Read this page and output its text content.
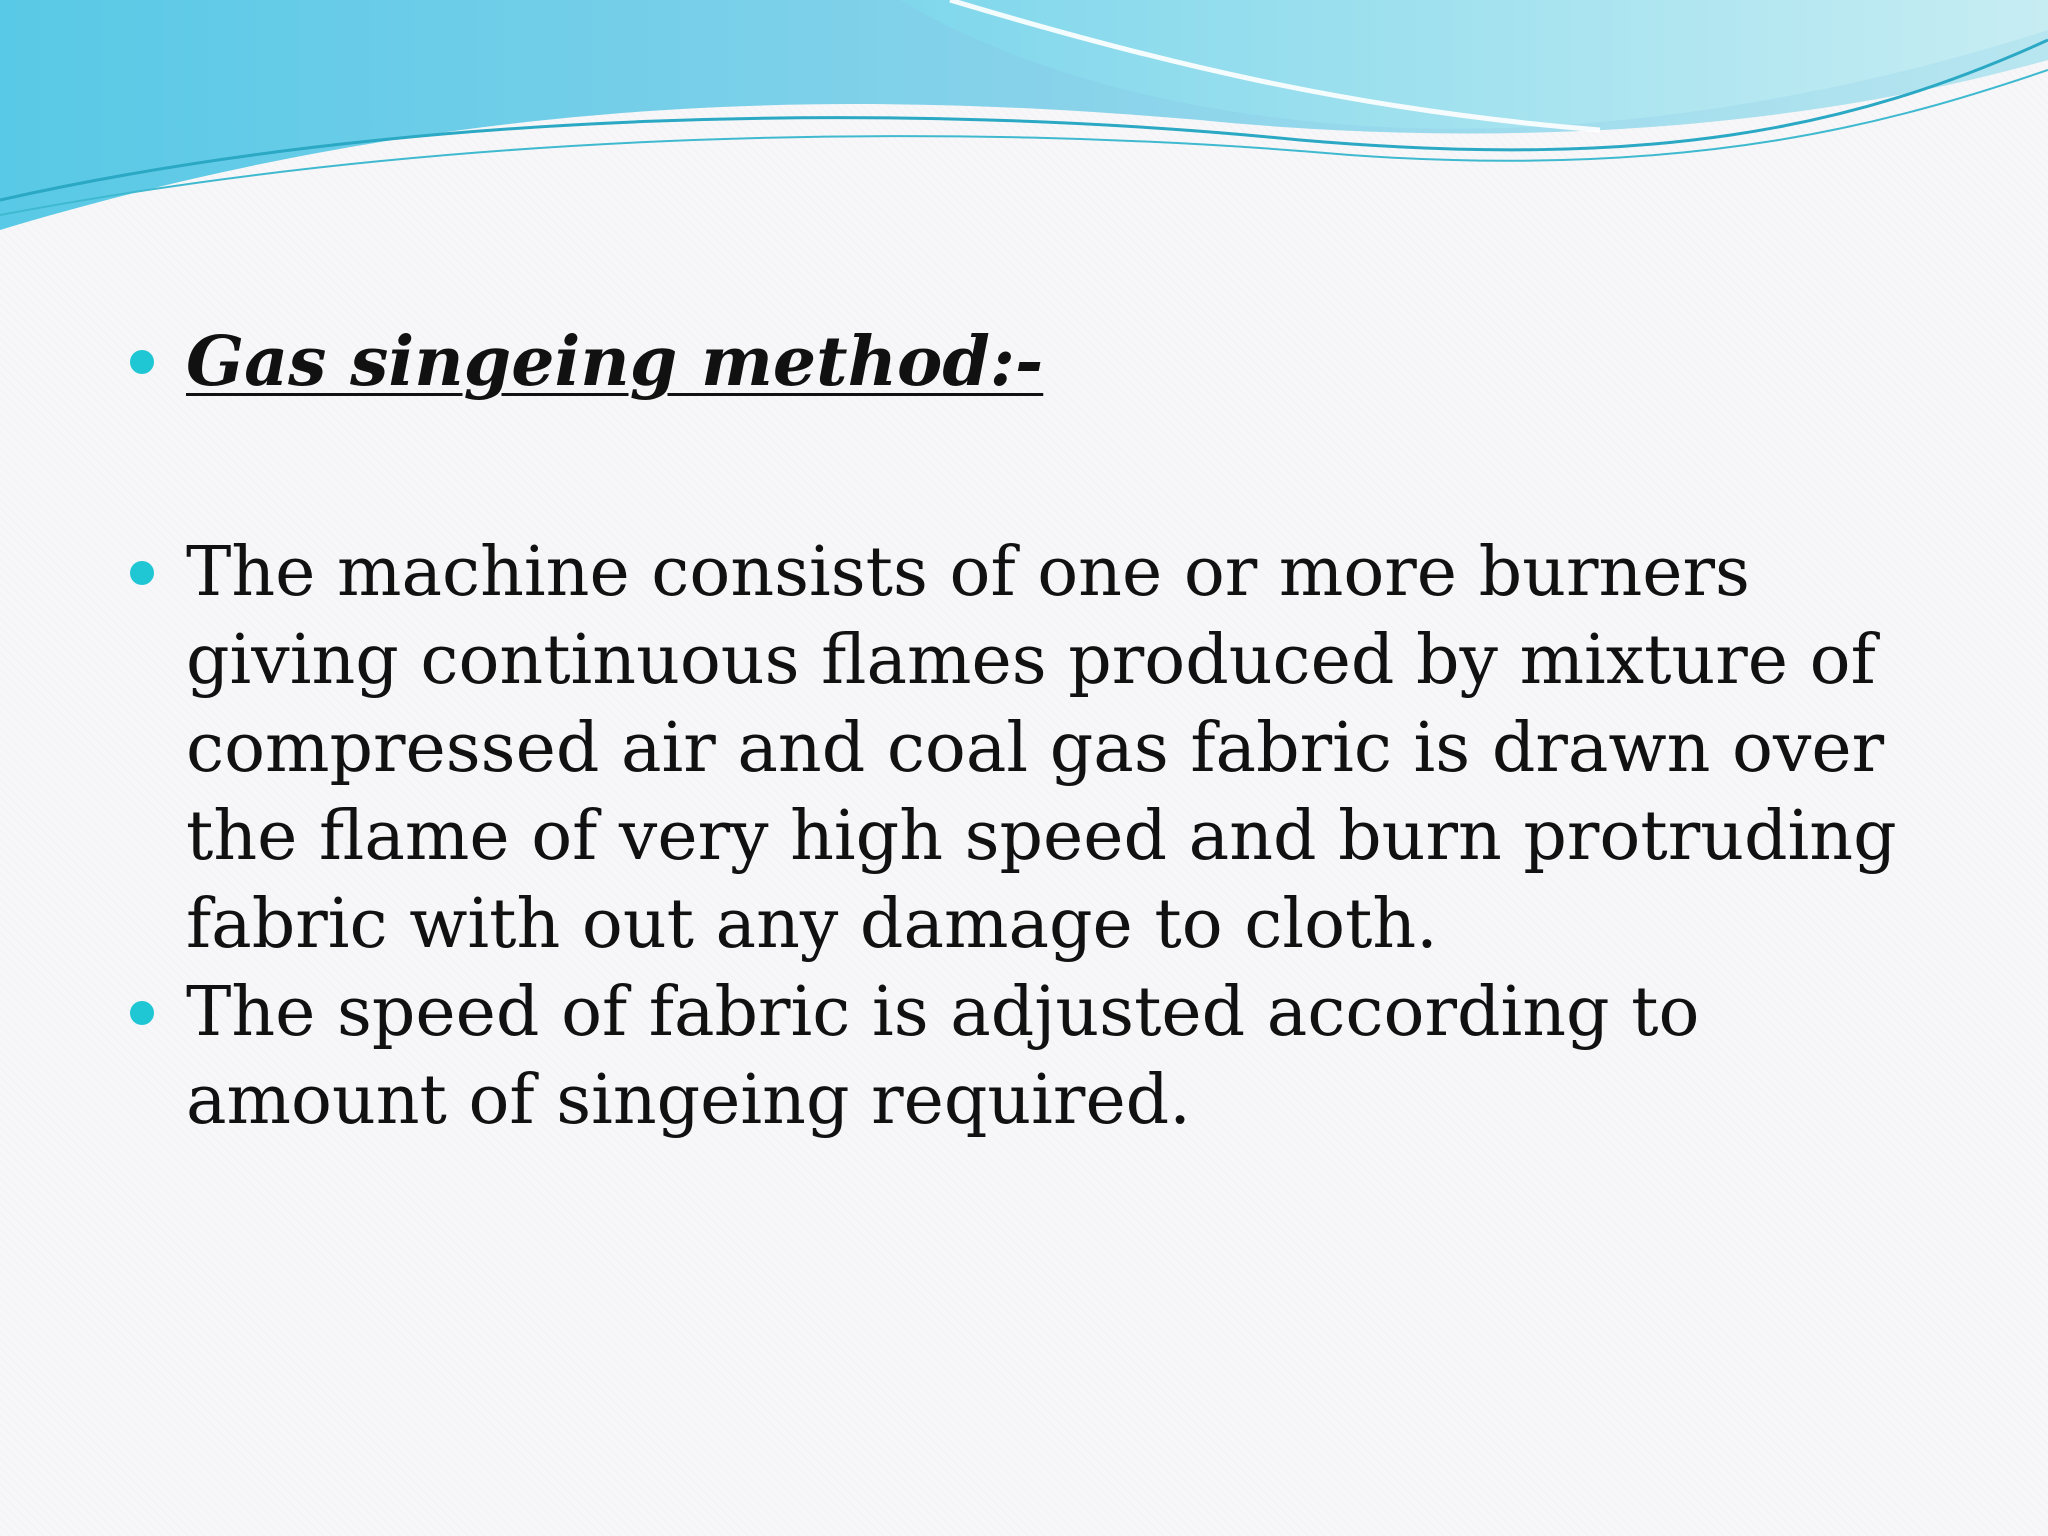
Gas singeing method:-
The machine consists of one or more burners giving continuous flames produced by mixture of compressed air and coal gas fabric is drawn over the flame of very high speed and burn protruding fabric with out any damage to cloth.
The speed of fabric is adjusted according to amount of singeing required.
